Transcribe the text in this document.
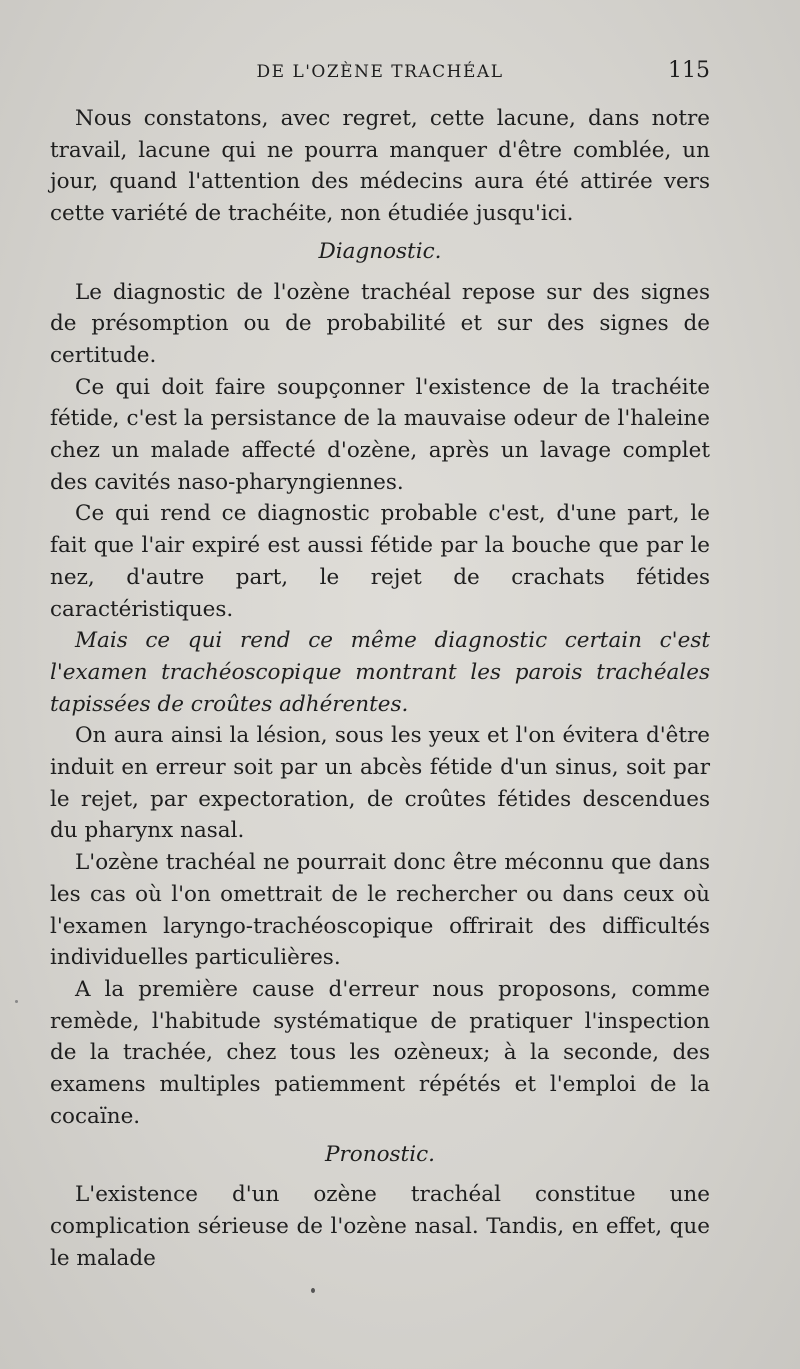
DE L'OZÈNE TRACHÉAL	115

Nous constatons, avec regret, cette lacune, dans notre travail, lacune qui ne pourra manquer d'être comblée, un jour, quand l'attention des médecins aura été attirée vers cette variété de trachéite, non étudiée jusqu'ici.

Diagnostic.

Le diagnostic de l'ozène trachéal repose sur des signes de présomption ou de probabilité et sur des signes de certitude.

Ce qui doit faire soupçonner l'existence de la trachéite fétide, c'est la persistance de la mauvaise odeur de l'haleine chez un malade affecté d'ozène, après un lavage complet des cavités naso-pharyngiennes.

Ce qui rend ce diagnostic probable c'est, d'une part, le fait que l'air expiré est aussi fétide par la bouche que par le nez, d'autre part, le rejet de crachats fétides caractéristiques.

Mais ce qui rend ce même diagnostic certain c'est l'examen trachéoscopique montrant les parois trachéales tapissées de croûtes adhérentes.

On aura ainsi la lésion, sous les yeux et l'on évitera d'être induit en erreur soit par un abcès fétide d'un sinus, soit par le rejet, par expectoration, de croûtes fétides descendues du pharynx nasal.

L'ozène trachéal ne pourrait donc être méconnu que dans les cas où l'on omettrait de le rechercher ou dans ceux où l'examen laryngo-trachéoscopique offrirait des difficultés individuelles particulières.

A la première cause d'erreur nous proposons, comme remède, l'habitude systématique de pratiquer l'inspection de la trachée, chez tous les ozèneux; à la seconde, des examens multiples patiemment répétés et l'emploi de la cocaïne.

Pronostic.

L'existence d'un ozène trachéal constitue une complication sérieuse de l'ozène nasal. Tandis, en effet, que le malade
